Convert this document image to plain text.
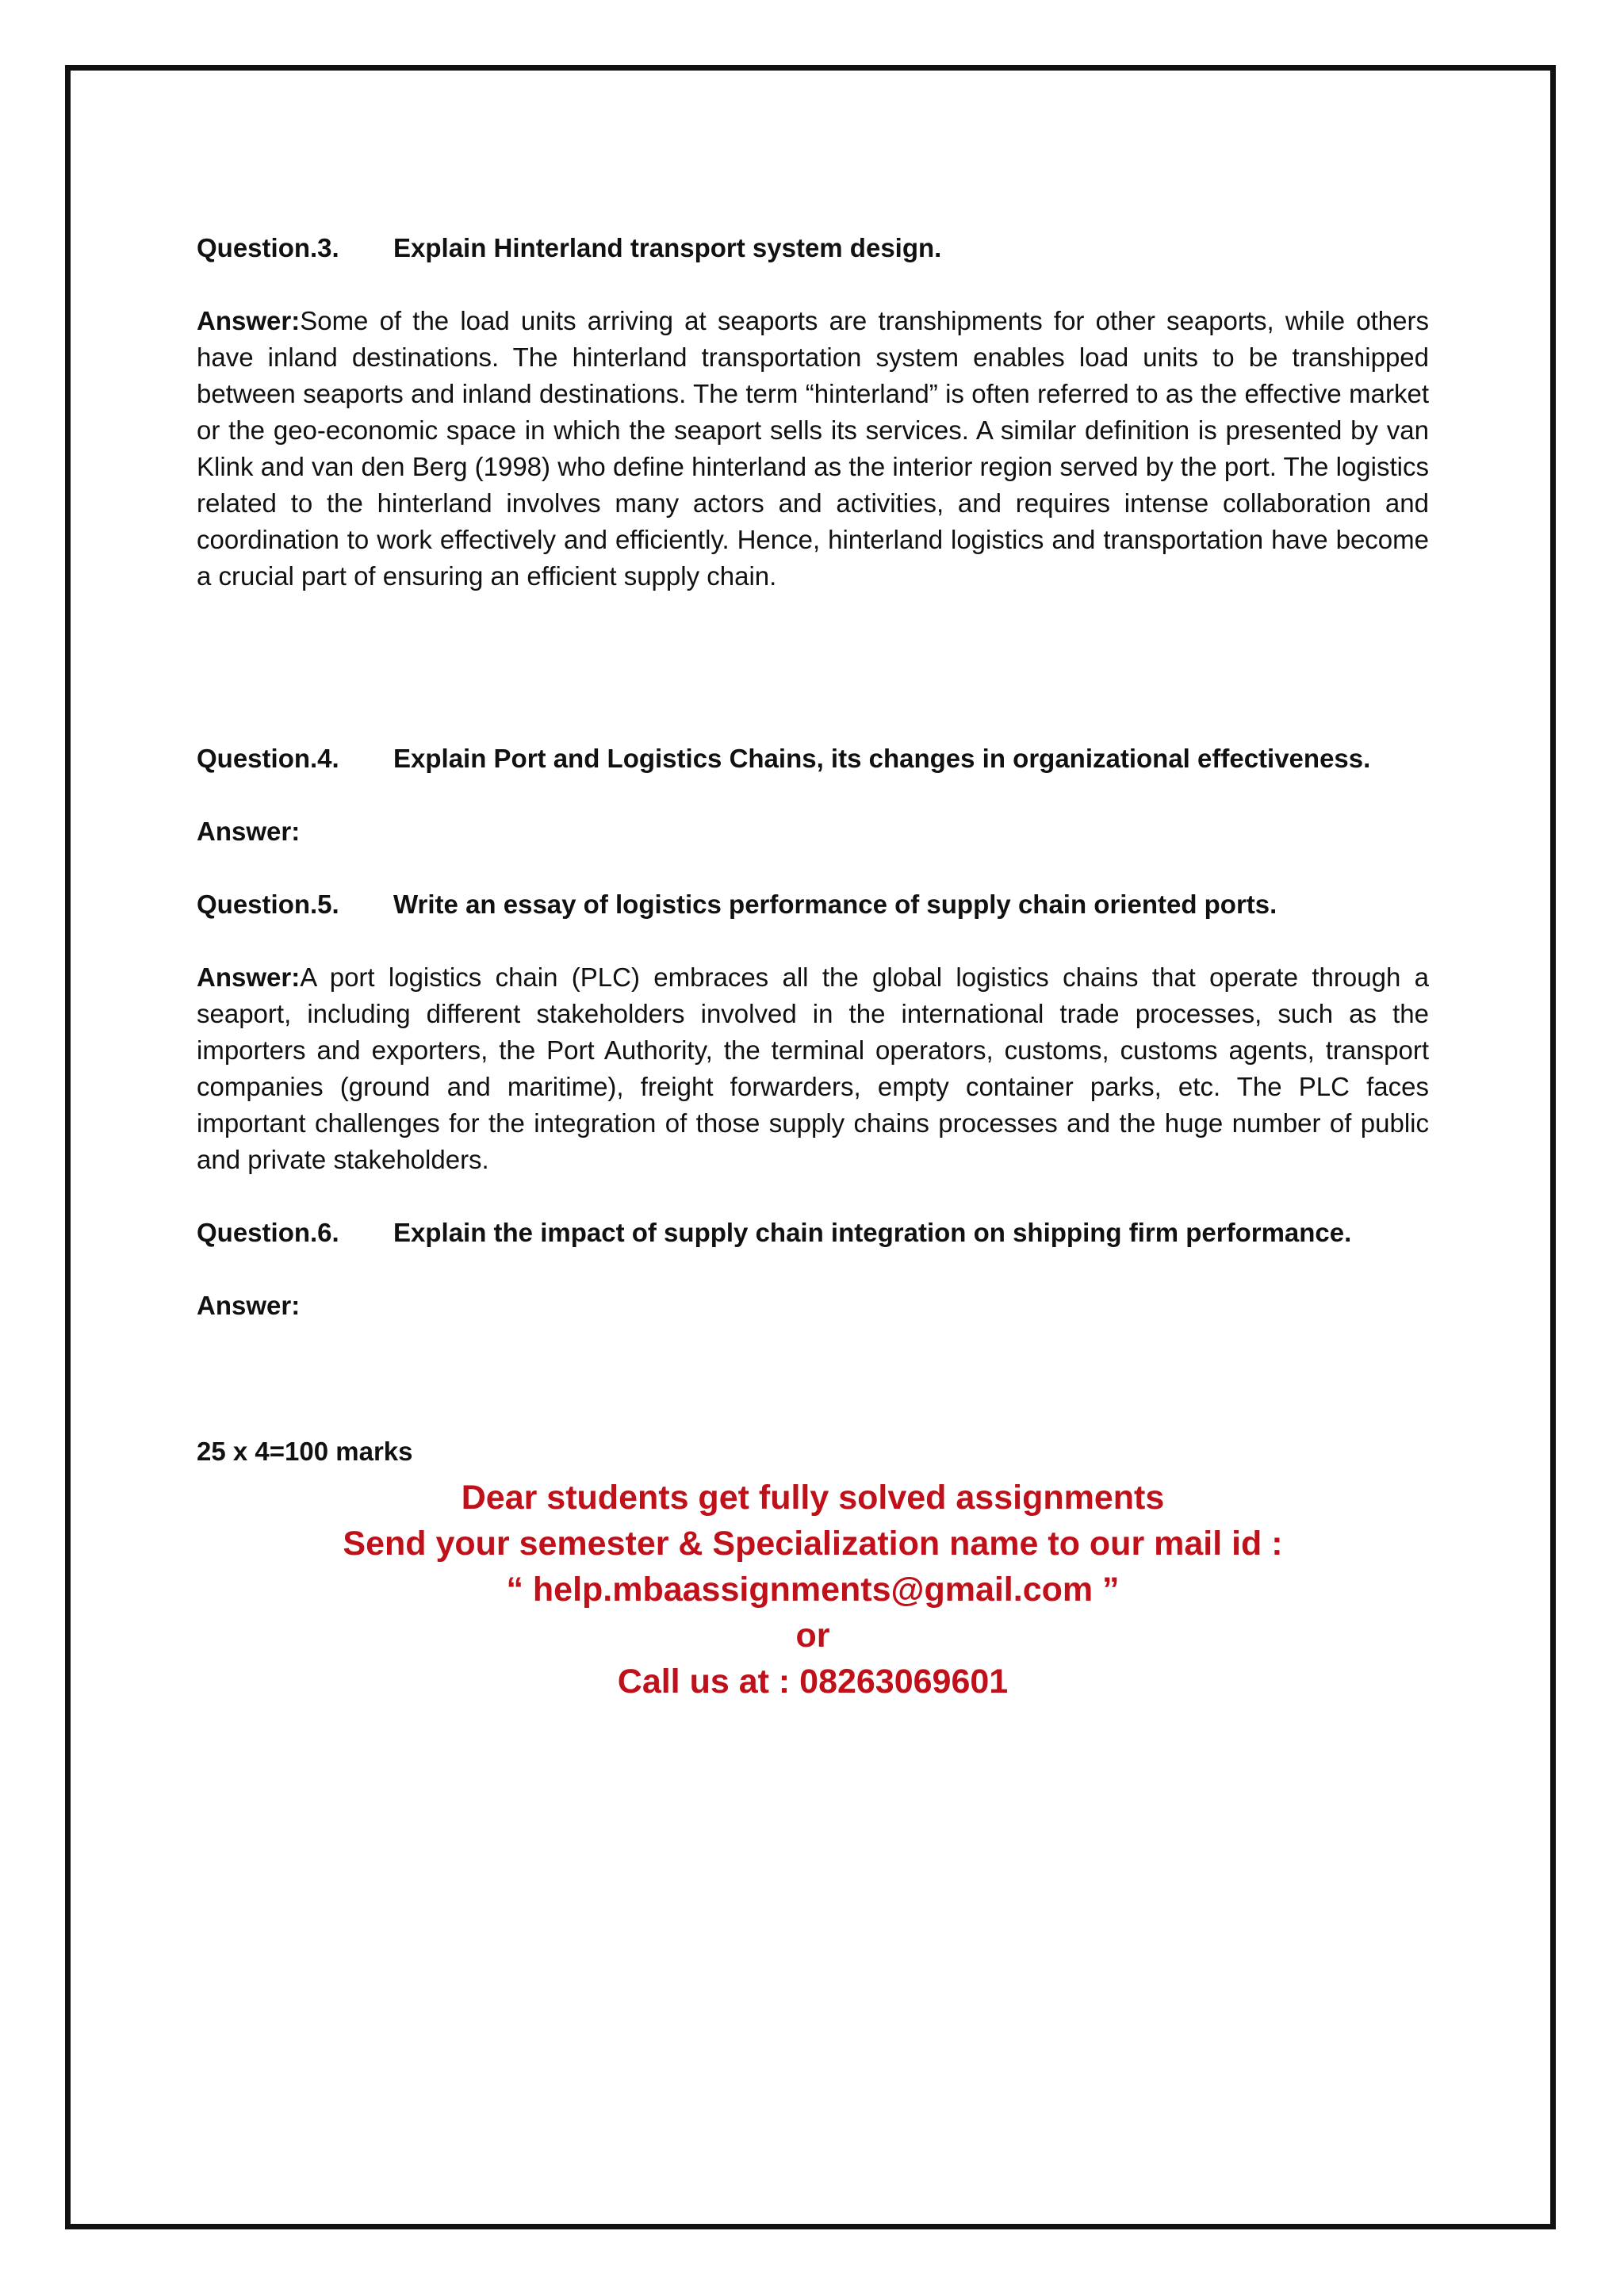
Question.3.	Explain Hinterland transport system design.

Answer:Some of the load units arriving at seaports are transhipments for other seaports, while others have inland destinations. The hinterland transportation system enables load units to be transhipped between seaports and inland destinations. The term “hinterland” is often referred to as the effective market or the geo-economic space in which the seaport sells its services. A similar definition is presented by van Klink and van den Berg (1998) who define hinterland as the interior region served by the port. The logistics related to the hinterland involves many actors and activities, and requires intense collaboration and coordination to work effectively and efficiently. Hence, hinterland logistics and transportation have become a crucial part of ensuring an efficient supply chain.

Question.4.	Explain Port and Logistics Chains, its changes in organizational effectiveness.

Answer:

Question.5.	Write an essay of logistics performance of supply chain oriented ports.

Answer:A port logistics chain (PLC) embraces all the global logistics chains that operate through a seaport, including different stakeholders involved in the international trade processes, such as the importers and exporters, the Port Authority, the terminal operators, customs, customs agents, transport companies (ground and maritime), freight forwarders, empty container parks, etc. The PLC faces important challenges for the integration of those supply chains processes and the huge number of public and private stakeholders.

Question.6.	Explain the impact of supply chain integration on shipping firm performance.

Answer:

25 x 4=100 marks

Dear students get fully solved assignments

Send your semester & Specialization name to our mail id :

“ help.mbaassignments@gmail.com ”

or

Call us at : 08263069601
